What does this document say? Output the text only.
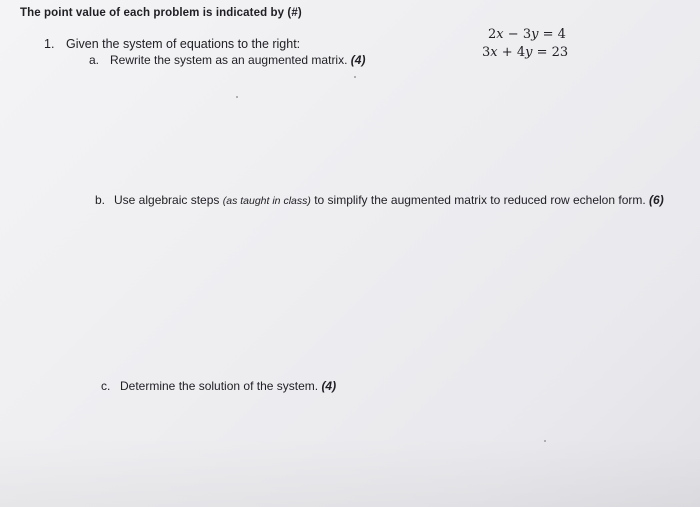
The point value of each problem is indicated by (#)
1. Given the system of equations to the right:
2x − 3y = 4
3x + 4y = 23
a. Rewrite the system as an augmented matrix. (4)
b. Use algebraic steps (as taught in class) to simplify the augmented matrix to reduced row echelon form. (6)
c. Determine the solution of the system. (4)
